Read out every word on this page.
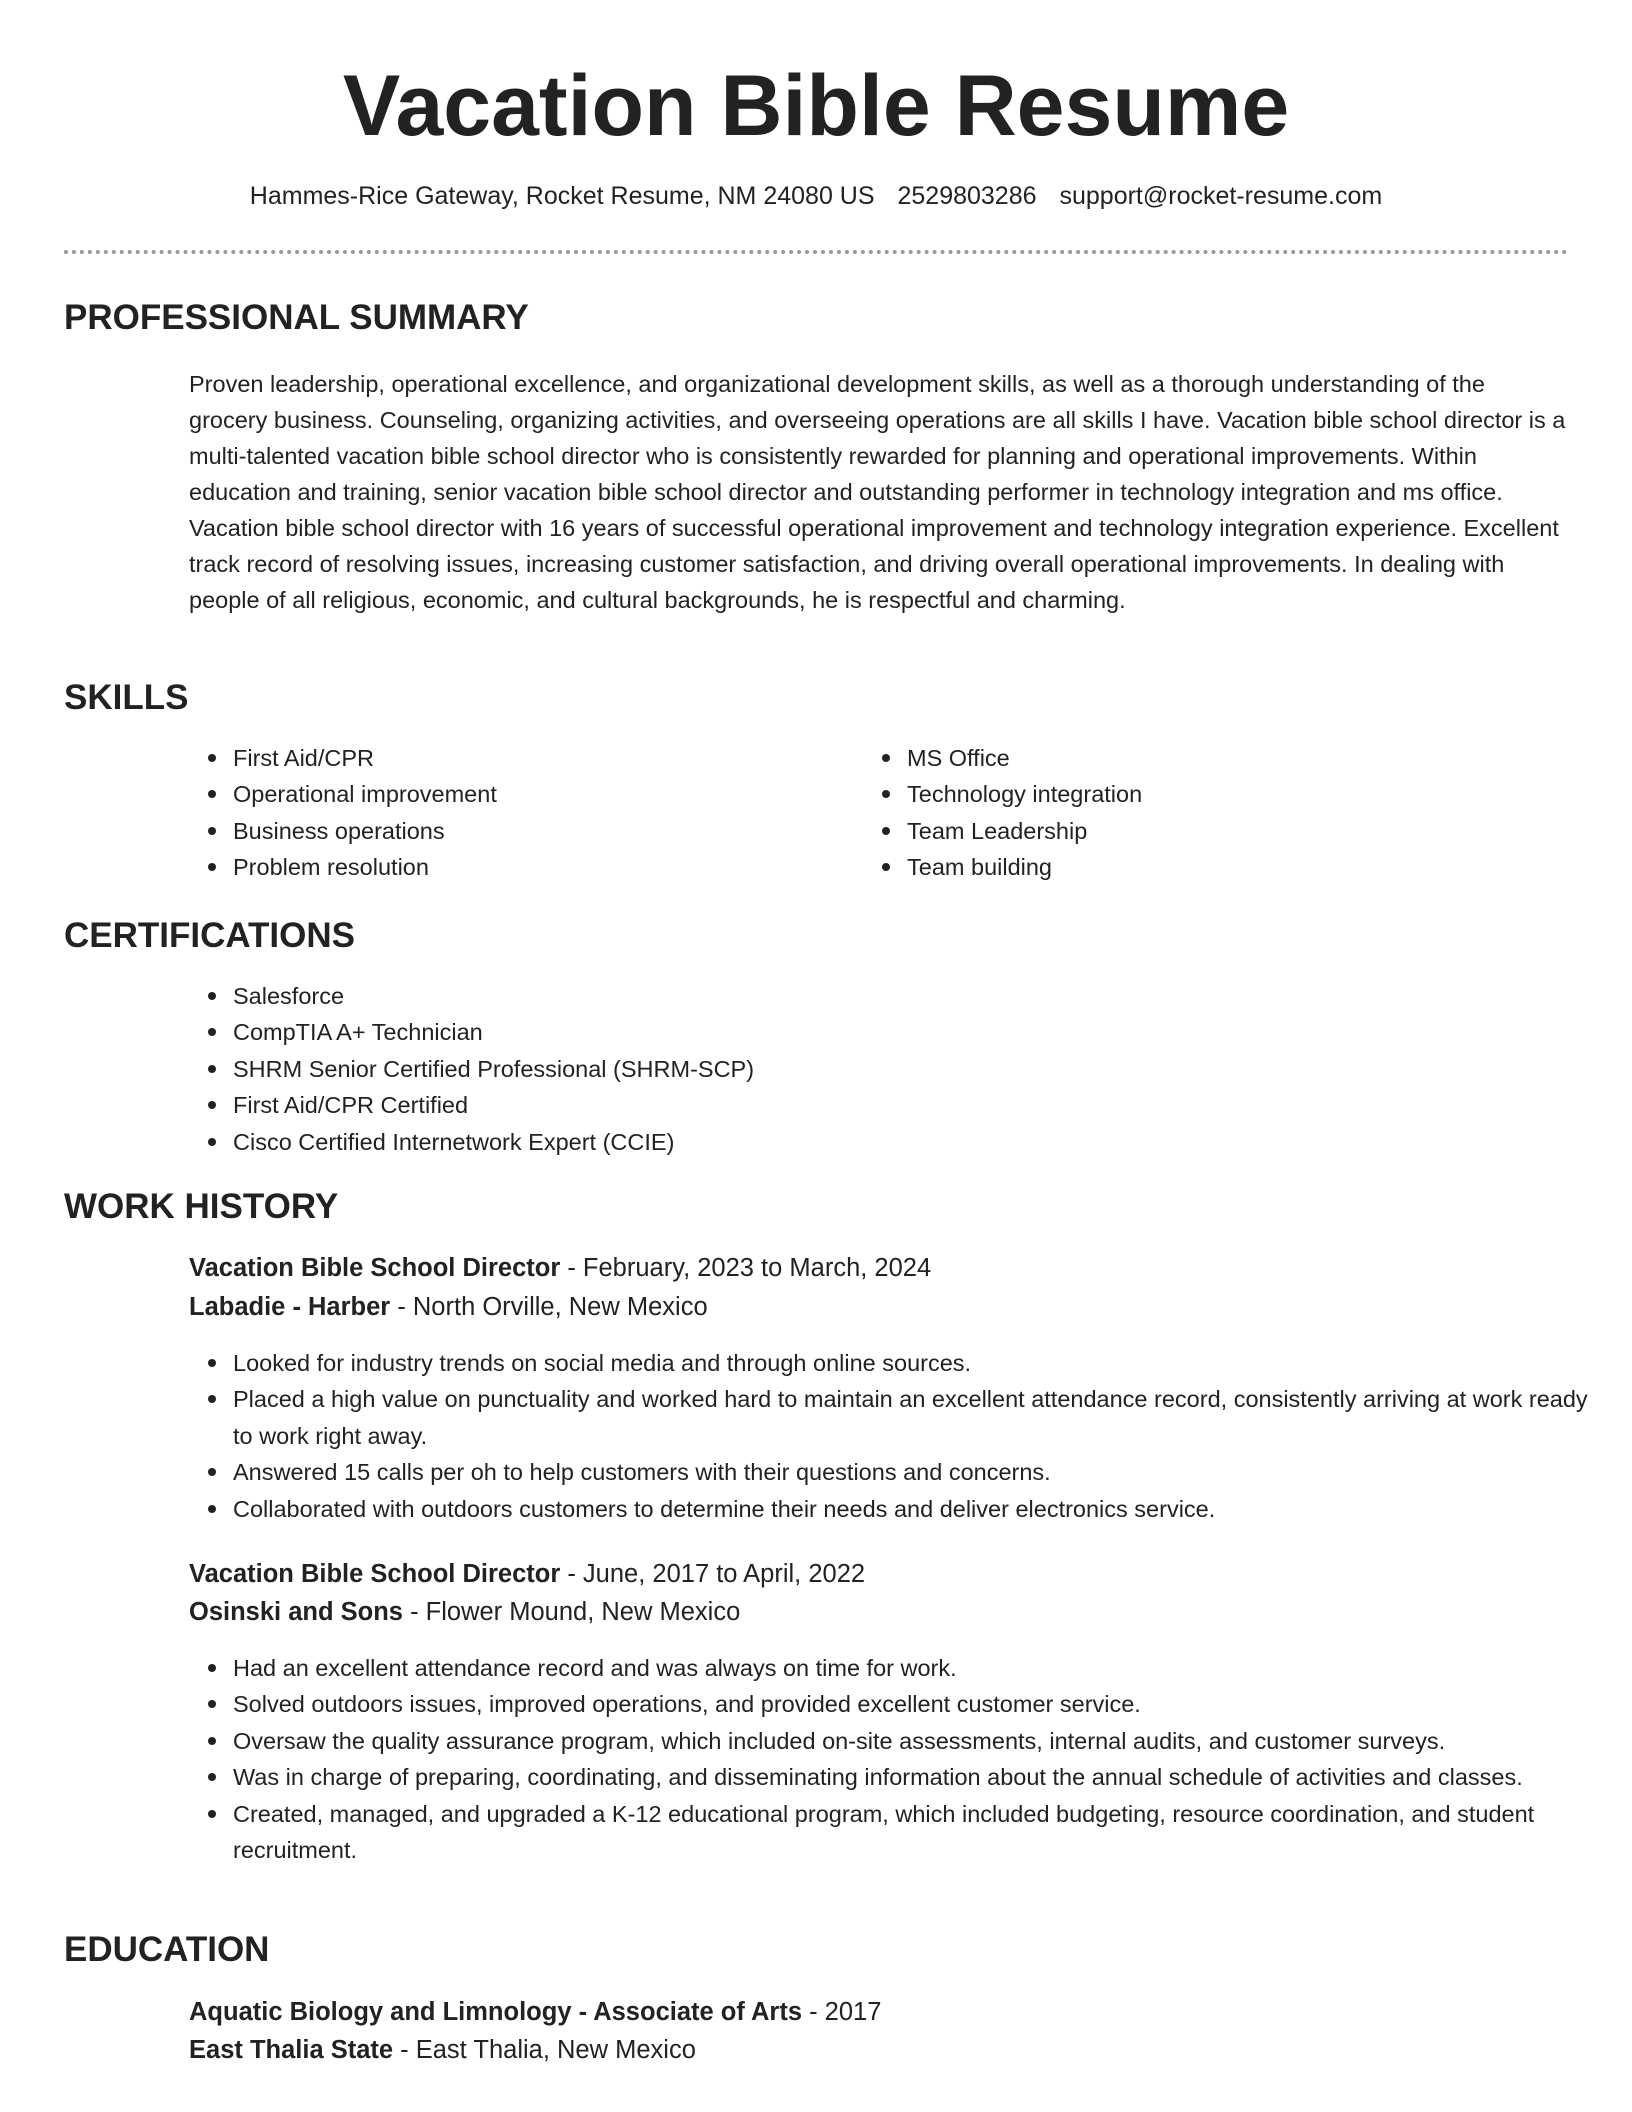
Vacation Bible Resume
Hammes-Rice Gateway, Rocket Resume, NM 24080 US 2529803286 support@rocket-resume.com
PROFESSIONAL SUMMARY

Proven leadership, operational excellence, and organizational development skills, as well as a thorough understanding of the grocery business. Counseling, organizing activities, and overseeing operations are all skills I have. Vacation bible school director is a multi-talented vacation bible school director who is consistently rewarded for planning and operational improvements. Within education and training, senior vacation bible school director and outstanding performer in technology integration and ms office. Vacation bible school director with 16 years of successful operational improvement and technology integration experience. Excellent track record of resolving issues, increasing customer satisfaction, and driving overall operational improvements. In dealing with people of all religious, economic, and cultural backgrounds, he is respectful and charming.

SKILLS
First Aid/CPR
Operational improvement
Business operations
Problem resolution
MS Office
Technology integration
Team Leadership
Team building
CERTIFICATIONS
Salesforce
CompTIA A+ Technician
SHRM Senior Certified Professional (SHRM-SCP)
First Aid/CPR Certified
Cisco Certified Internetwork Expert (CCIE)
WORK HISTORY
Vacation Bible School Director - February, 2023 to March, 2024
Labadie - Harber - North Orville, New Mexico
Looked for industry trends on social media and through online sources.
Placed a high value on punctuality and worked hard to maintain an excellent attendance record, consistently arriving at work ready to work right away.
Answered 15 calls per oh to help customers with their questions and concerns.
Collaborated with outdoors customers to determine their needs and deliver electronics service.
Vacation Bible School Director - June, 2017 to April, 2022
Osinski and Sons - Flower Mound, New Mexico
Had an excellent attendance record and was always on time for work.
Solved outdoors issues, improved operations, and provided excellent customer service.
Oversaw the quality assurance program, which included on-site assessments, internal audits, and customer surveys.
Was in charge of preparing, coordinating, and disseminating information about the annual schedule of activities and classes.
Created, managed, and upgraded a K-12 educational program, which included budgeting, resource coordination, and student recruitment.
EDUCATION
Aquatic Biology and Limnology - Associate of Arts - 2017
East Thalia State - East Thalia, New Mexico
